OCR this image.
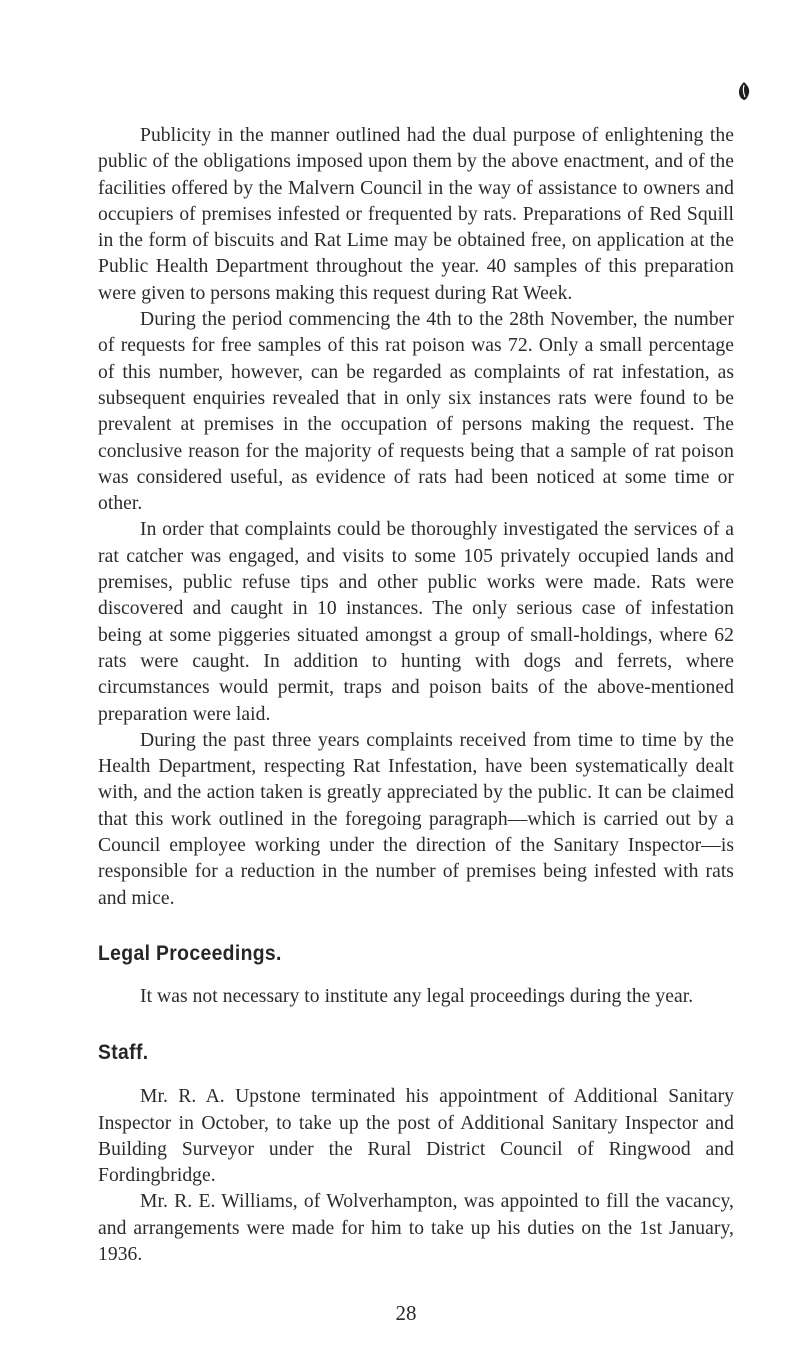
Publicity in the manner outlined had the dual purpose of enlightening the public of the obligations imposed upon them by the above enactment, and of the facilities offered by the Malvern Council in the way of assistance to owners and occupiers of premises infested or frequented by rats. Preparations of Red Squill in the form of biscuits and Rat Lime may be obtained free, on application at the Public Health Department throughout the year. 40 samples of this preparation were given to persons making this request during Rat Week.

During the period commencing the 4th to the 28th November, the number of requests for free samples of this rat poison was 72. Only a small percentage of this number, however, can be regarded as complaints of rat infestation, as subsequent enquiries revealed that in only six instances rats were found to be prevalent at premises in the occupation of persons making the request. The conclusive reason for the majority of requests being that a sample of rat poison was considered useful, as evidence of rats had been noticed at some time or other.

In order that complaints could be thoroughly investigated the services of a rat catcher was engaged, and visits to some 105 privately occupied lands and premises, public refuse tips and other public works were made. Rats were discovered and caught in 10 instances. The only serious case of infestation being at some piggeries situated amongst a group of small-holdings, where 62 rats were caught. In addition to hunting with dogs and ferrets, where circumstances would permit, traps and poison baits of the above-mentioned preparation were laid.

During the past three years complaints received from time to time by the Health Department, respecting Rat Infestation, have been systematically dealt with, and the action taken is greatly appreciated by the public. It can be claimed that this work outlined in the foregoing paragraph—which is carried out by a Council employee working under the direction of the Sanitary Inspector—is responsible for a reduction in the number of premises being infested with rats and mice.

Legal Proceedings.

It was not necessary to institute any legal proceedings during the year.

Staff.

Mr. R. A. Upstone terminated his appointment of Additional Sanitary Inspector in October, to take up the post of Additional Sanitary Inspector and Building Surveyor under the Rural District Council of Ringwood and Fordingbridge.

Mr. R. E. Williams, of Wolverhampton, was appointed to fill the vacancy, and arrangements were made for him to take up his duties on the 1st January, 1936.

28
